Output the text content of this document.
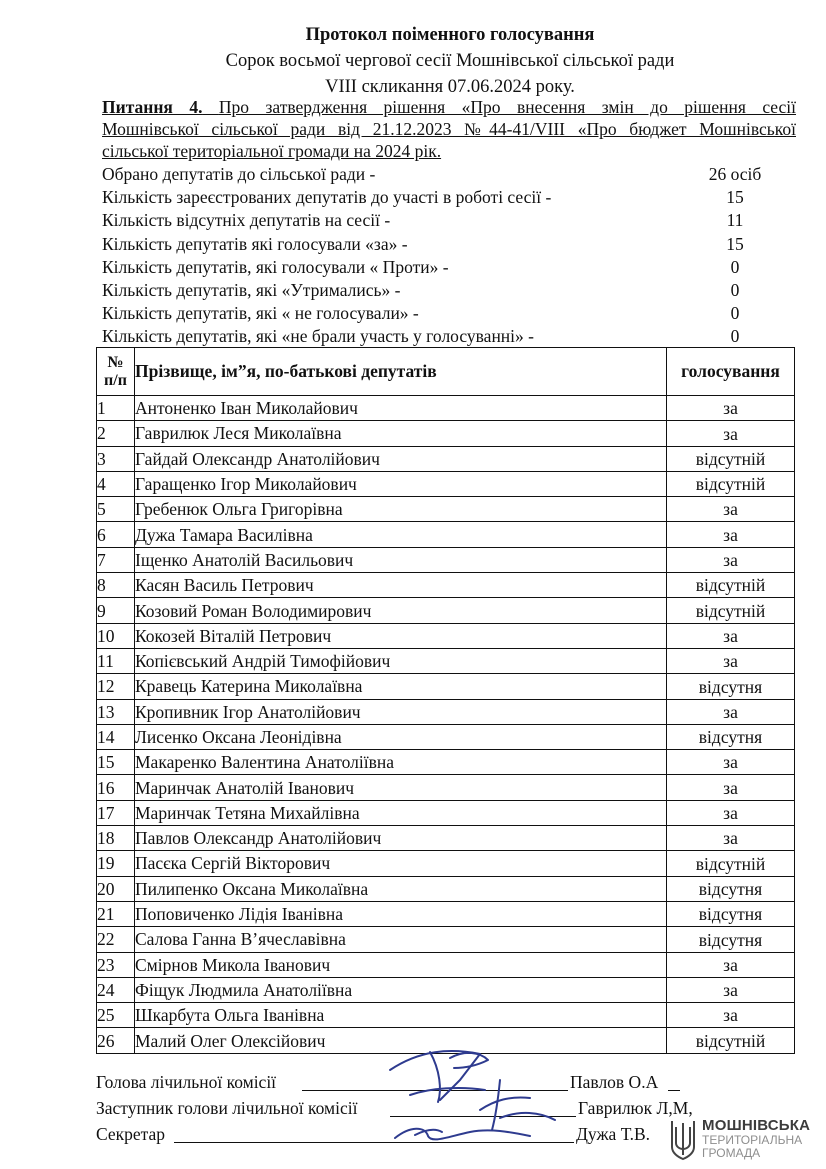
Протокол поіменного голосування
Сорок восьмої чергової сесії Мошнівської сільської ради
VIII скликання 07.06.2024 року.
Питання 4. Про затвердження рішення «Про внесення змін до рішення сесії
Мошнівської сільської ради від 21.12.2023 №44-41/VIII «Про бюджет Мошнівської
сільської територіальної громади на 2024 рік.
Обрано депутатів до сільської ради -	26 осіб
Кількість зареєстрованих депутатів до участі в роботі сесії -	15
Кількість відсутніх депутатів на сесії -	11
Кількість депутатів які голосували «за» -	15
Кількість депутатів, які голосували « Проти» -	0
Кількість депутатів, які «Утримались» -	0
Кількість депутатів, які « не голосували» -	0
Кількість депутатів, які «не брали участь у голосуванні» -	0
№
п/п	Прізвище, ім”я, по-батькові депутатів	голосування
1	Антоненко Іван Миколайович	за
2	Гаврилюк Леся Миколаївна	за
3	Гайдай Олександр Анатолійович	відсутній
4	Гаращенко Ігор Миколайович	відсутній
5	Гребенюк Ольга Григорівна	за
6	Дужа Тамара Василівна	за
7	Іщенко Анатолій Васильович	за
8	Касян Василь Петрович	відсутній
9	Козовий Роман Володимирович	відсутній
10	Кокозей Віталій Петрович	за
11	Копієвський Андрій Тимофійович	за
12	Кравець Катерина Миколаївна	відсутня
13	Кропивник Ігор Анатолійович	за
14	Лисенко Оксана Леонідівна	відсутня
15	Макаренко Валентина Анатоліївна	за
16	Маринчак Анатолій Іванович	за
17	Маринчак Тетяна Михайлівна	за
18	Павлов Олександр Анатолійович	за
19	Пасєка Сергій Вікторович	відсутній
20	Пилипенко Оксана Миколаївна	відсутня
21	Поповиченко Лідія Іванівна	відсутня
22	Салова Ганна В’ячеславівна	відсутня
23	Смірнов Микола Іванович	за
24	Фіщук Людмила Анатоліївна	за
25	Шкарбута Ольга Іванівна	за
26	Малий Олег Олексійович	відсутній
Голова лічильної комісії	Павлов О.А
Заступник голови лічильної комісії	Гаврилюк Л,М,
Секретар	Дужа Т.В.	МОШНІВСЬКА
ТЕРИТОРІАЛЬНА
ГРОМАДА
